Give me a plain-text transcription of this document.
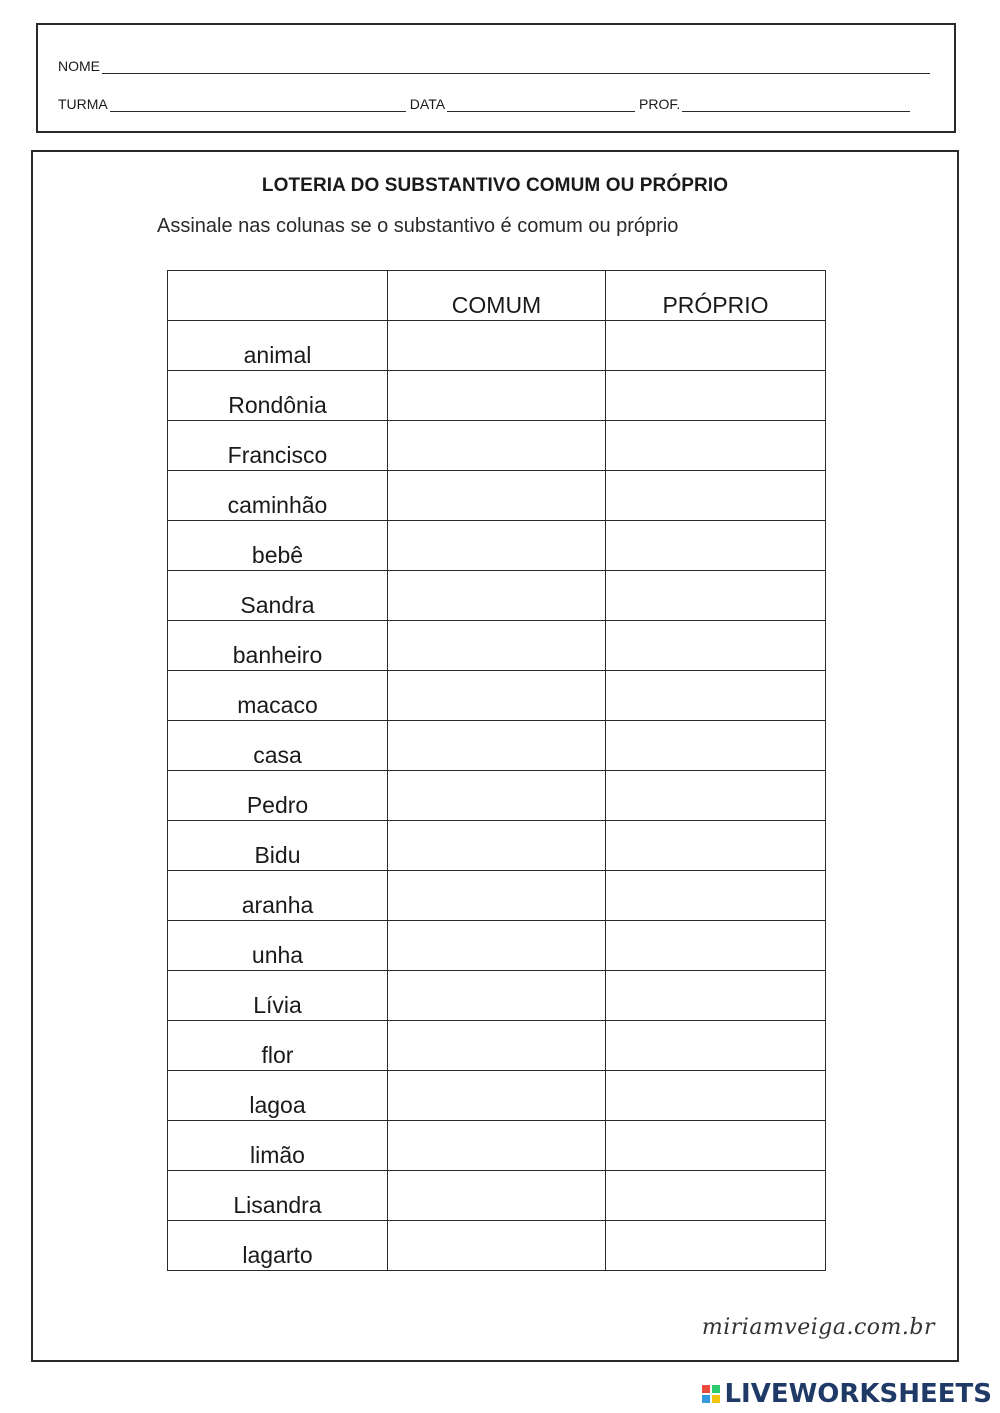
NOME
TURMA	DATA	PROF.
LOTERIA DO SUBSTANTIVO COMUM OU PRÓPRIO
Assinale nas colunas se o substantivo é comum ou próprio
	COMUM	PRÓPRIO
animal		
Rondônia		
Francisco		
caminhão		
bebê		
Sandra		
banheiro		
macaco		
casa		
Pedro		
Bidu		
aranha		
unha		
Lívia		
flor		
lagoa		
limão		
Lisandra		
lagarto		
miriamveiga.com.br
LIVEWORKSHEETS
